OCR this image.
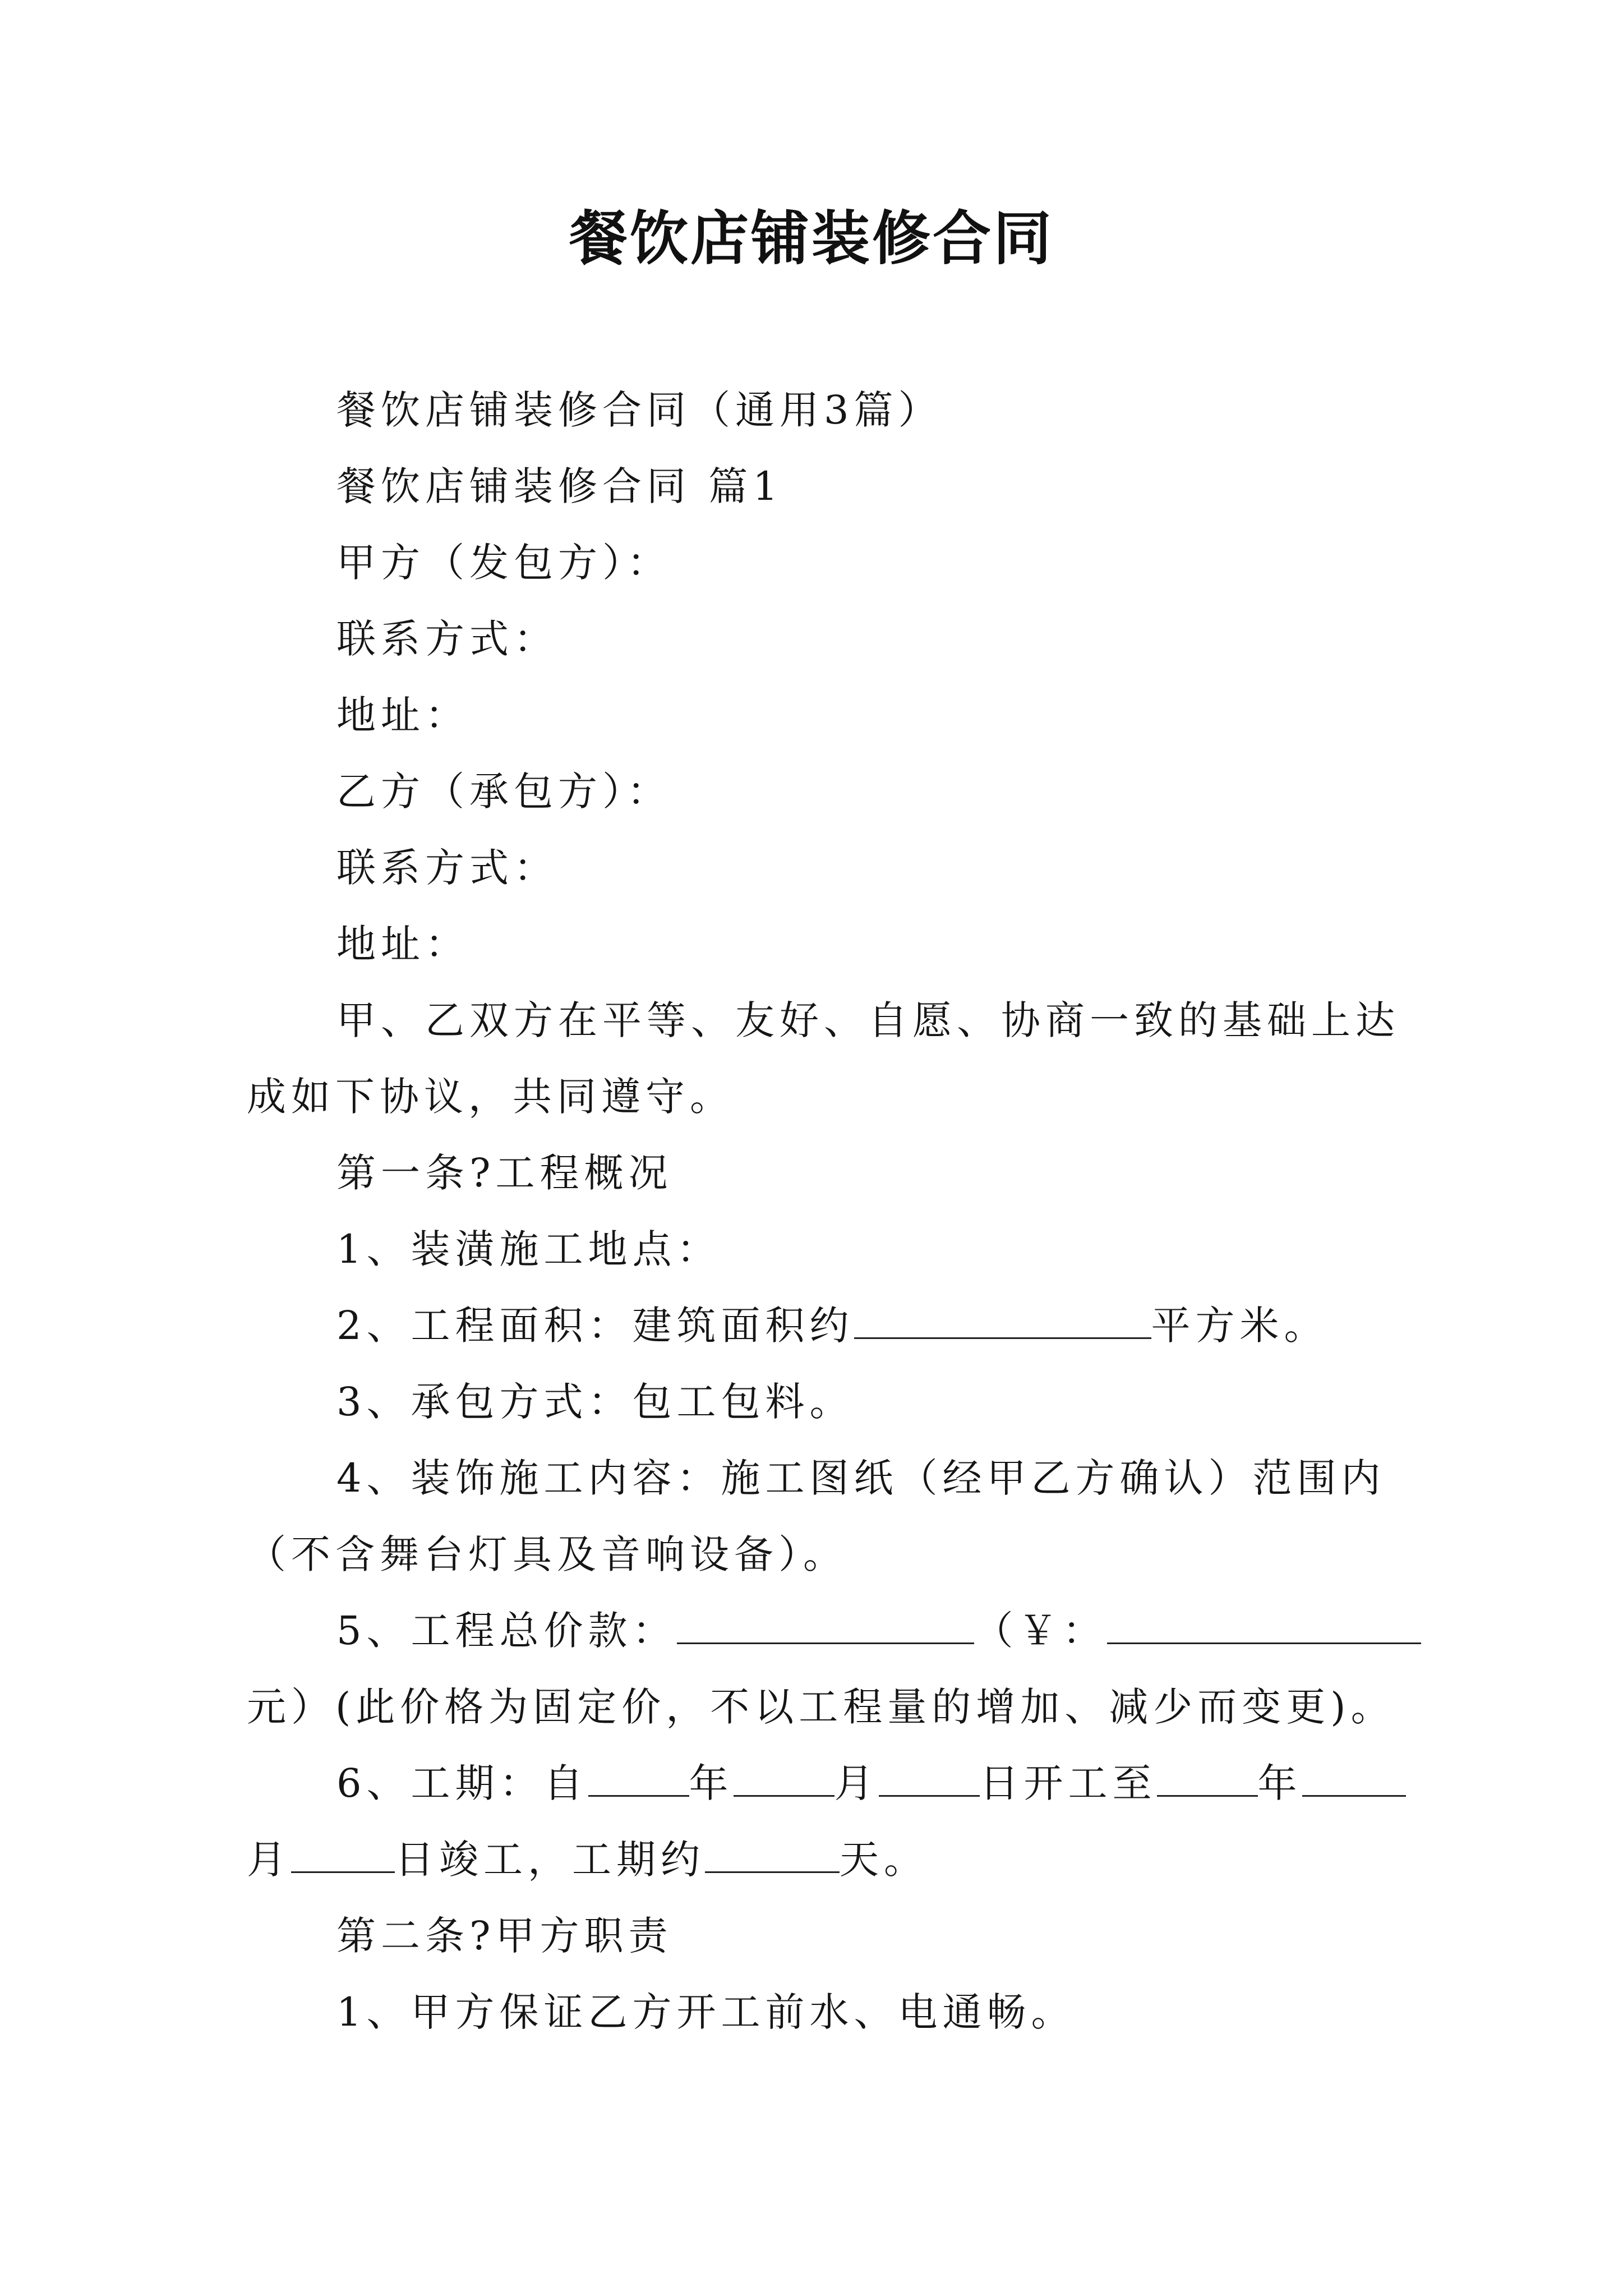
餐饮店铺装修合同
餐饮店铺装修合同（通用3篇）
餐饮店铺装修合同 篇1
甲方（发包方）：
联系方式：
地址：
乙方（承包方）：
联系方式：
地址：
甲、乙双方在平等、友好、自愿、协商一致的基础上达
成如下协议，共同遵守。
第一条?工程概况
1、装潢施工地点：
2、工程面积：建筑面积约	平方米。
3、承包方式：包工包料。
4、装饰施工内容：施工图纸（经甲乙方确认）范围内
（不含舞台灯具及音响设备）。
5、工程总价款：	（￥：
元）(此价格为固定价，不以工程量的增加、减少而变更)。
6、工期：自	年	月	日开工至	年
月	日竣工，工期约	天。
第二条?甲方职责
1、甲方保证乙方开工前水、电通畅。
